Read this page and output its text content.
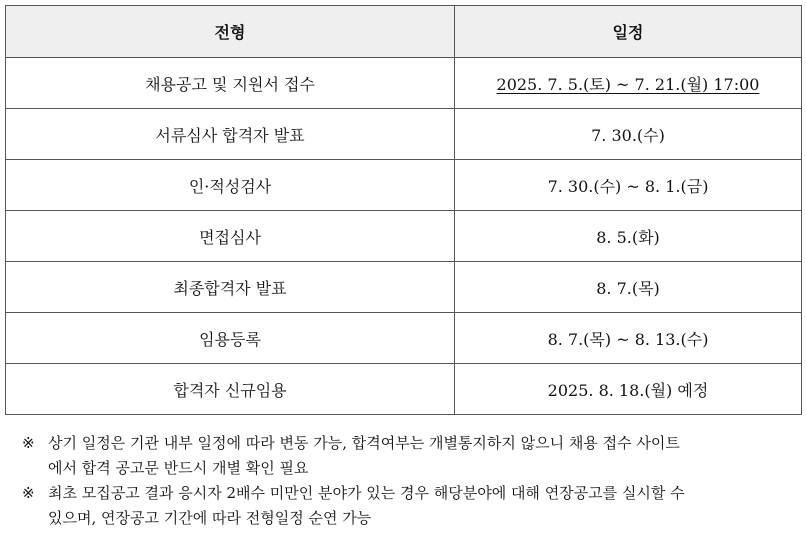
전형	일정
채용공고 및 지원서 접수	2025. 7. 5.(토) ~ 7. 21.(월) 17:00
서류심사 합격자 발표	7. 30.(수)
인·적성검사	7. 30.(수) ~ 8. 1.(금)
면접심사	8. 5.(화)
최종합격자 발표	8. 7.(목)
임용등록	8. 7.(목) ~ 8. 13.(수)
합격자 신규임용	2025. 8. 18.(월) 예정
※ 상기 일정은 기관 내부 일정에 따라 변동 가능, 합격여부는 개별통지하지 않으니 채용 접수 사이트
에서 합격 공고문 반드시 개별 확인 필요
※ 최초 모집공고 결과 응시자 2배수 미만인 분야가 있는 경우 해당분야에 대해 연장공고를 실시할 수
있으며, 연장공고 기간에 따라 전형일정 순연 가능
